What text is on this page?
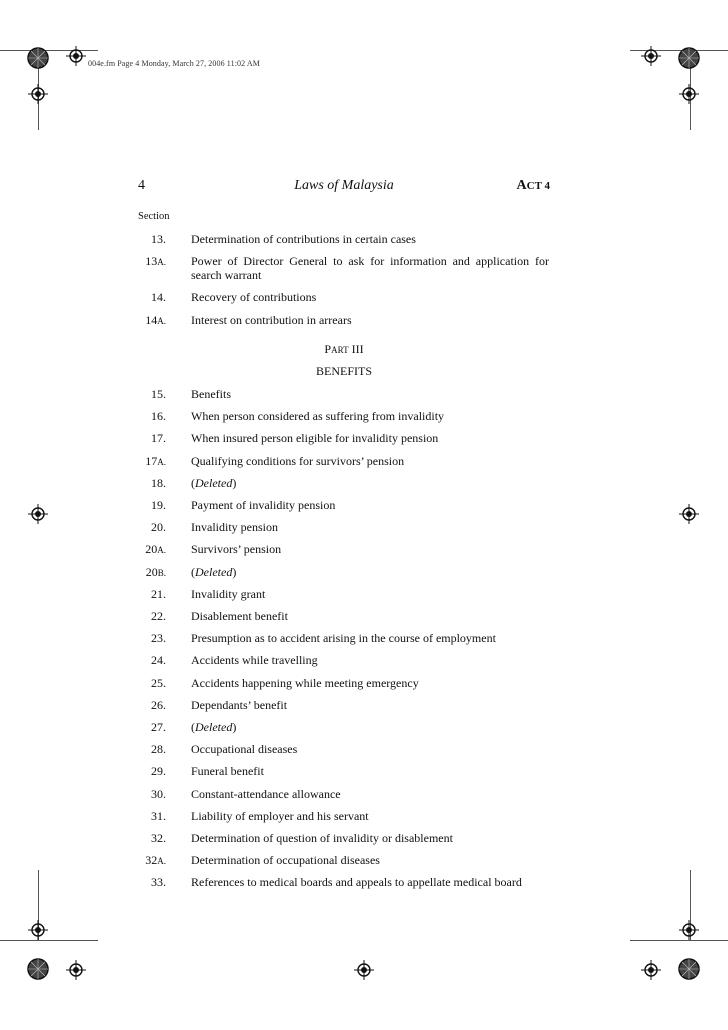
004e.fm Page 4 Monday, March 27, 2006 11:02 AM
4	Laws of Malaysia	ACT 4
Section
PART III
BENEFITS
13. Determination of contributions in certain cases
13A. Power of Director General to ask for information and application for search warrant
14. Recovery of contributions
14A. Interest on contribution in arrears
15. Benefits
16. When person considered as suffering from invalidity
17. When insured person eligible for invalidity pension
17A. Qualifying conditions for survivors’ pension
18. (Deleted)
19. Payment of invalidity pension
20. Invalidity pension
20A. Survivors’ pension
20B. (Deleted)
21. Invalidity grant
22. Disablement benefit
23. Presumption as to accident arising in the course of employment
24. Accidents while travelling
25. Accidents happening while meeting emergency
26. Dependants’ benefit
27. (Deleted)
28. Occupational diseases
29. Funeral benefit
30. Constant-attendance allowance
31. Liability of employer and his servant
32. Determination of question of invalidity or disablement
32A. Determination of occupational diseases
33. References to medical boards and appeals to appellate medical board
